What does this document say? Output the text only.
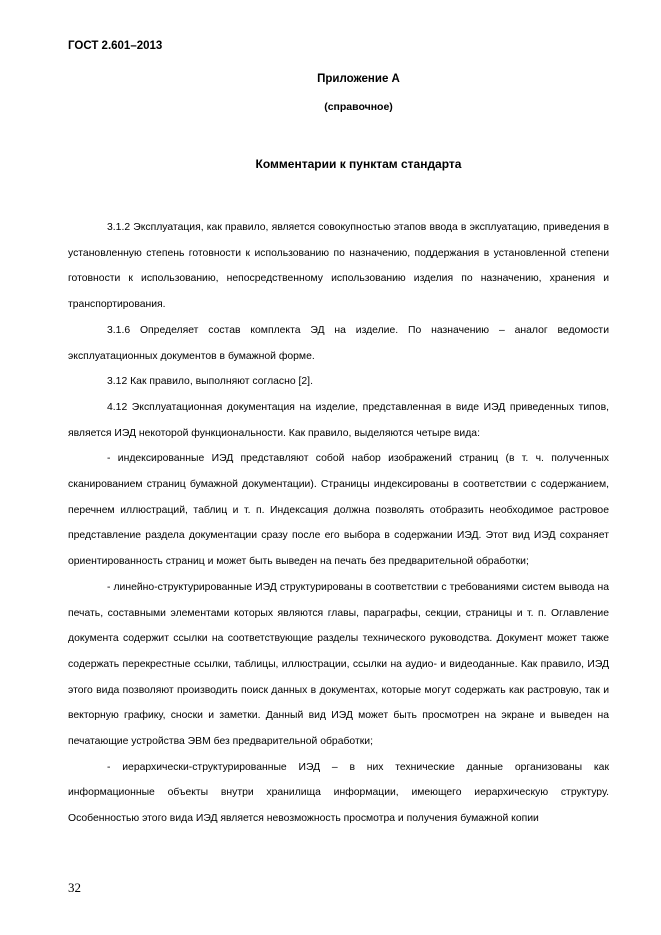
ГОСТ 2.601–2013
Приложение А
(справочное)
Комментарии к пунктам стандарта

3.1.2 Эксплуатация, как правило, является совокупностью этапов ввода в эксплуатацию, приведения в установленную степень готовности к использованию по назначению, поддержания в установленной степени готовности к использованию, непосредственному использованию изделия по назначению, хранения и транспортирования.

3.1.6 Определяет состав комплекта ЭД на изделие. По назначению – аналог ведомости эксплуатационных документов в бумажной форме.

3.12 Как правило, выполняют согласно [2].

4.12 Эксплуатационная документация на изделие, представленная в виде ИЭД приведенных типов, является ИЭД некоторой функциональности. Как правило, выделяются четыре вида:

- индексированные ИЭД представляют собой набор изображений страниц (в т. ч. полученных сканированием страниц бумажной документации). Страницы индексированы в соответствии с содержанием, перечнем иллюстраций, таблиц и т. п. Индексация должна позволять отобразить необходимое растровое представление раздела документации сразу после его выбора в содержании ИЭД. Этот вид ИЭД сохраняет ориентированность страниц и может быть выведен на печать без предварительной обработки;

- линейно-структурированные ИЭД структурированы в соответствии с требованиями систем вывода на печать, составными элементами которых являются главы, параграфы, секции, страницы и т. п. Оглавление документа содержит ссылки на соответствующие разделы технического руководства. Документ может также содержать перекрестные ссылки, таблицы, иллюстрации, ссылки на аудио- и видеоданные. Как правило, ИЭД этого вида позволяют производить поиск данных в документах, которые могут содержать как растровую, так и векторную графику, сноски и заметки. Данный вид ИЭД может быть просмотрен на экране и выведен на печатающие устройства ЭВМ без предварительной обработки;

- иерархически-структурированные ИЭД – в них технические данные организованы как информационные объекты внутри хранилища информации, имеющего иерархическую структуру. Особенностью этого вида ИЭД является невозможность просмотра и получения бумажной копии

32
